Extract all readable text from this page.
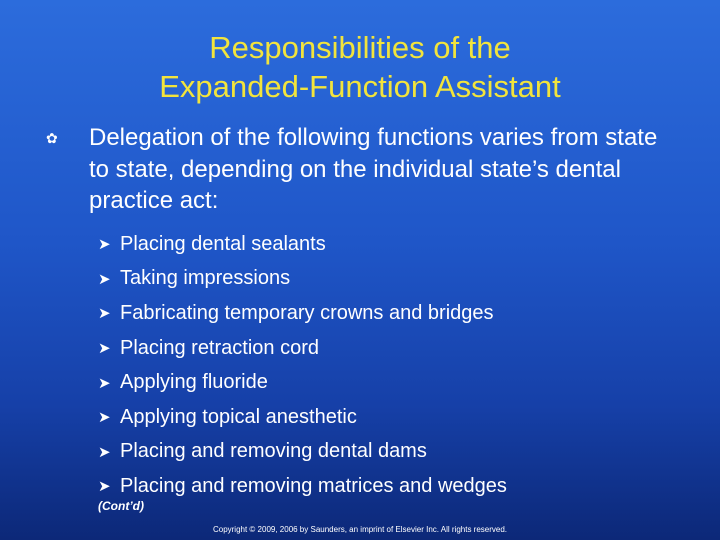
Responsibilities of the
Expanded-Function Assistant
✿ Delegation of the following functions varies from state to state, depending on the individual state’s dental practice act:
➤ Placing dental sealants
➤ Taking impressions
➤ Fabricating temporary crowns and bridges
➤ Placing retraction cord
➤ Applying fluoride
➤ Applying topical anesthetic
➤ Placing and removing dental dams
➤ Placing and removing matrices and wedges
(Cont’d)
Copyright © 2009, 2006 by Saunders, an imprint of Elsevier Inc. All rights reserved.
